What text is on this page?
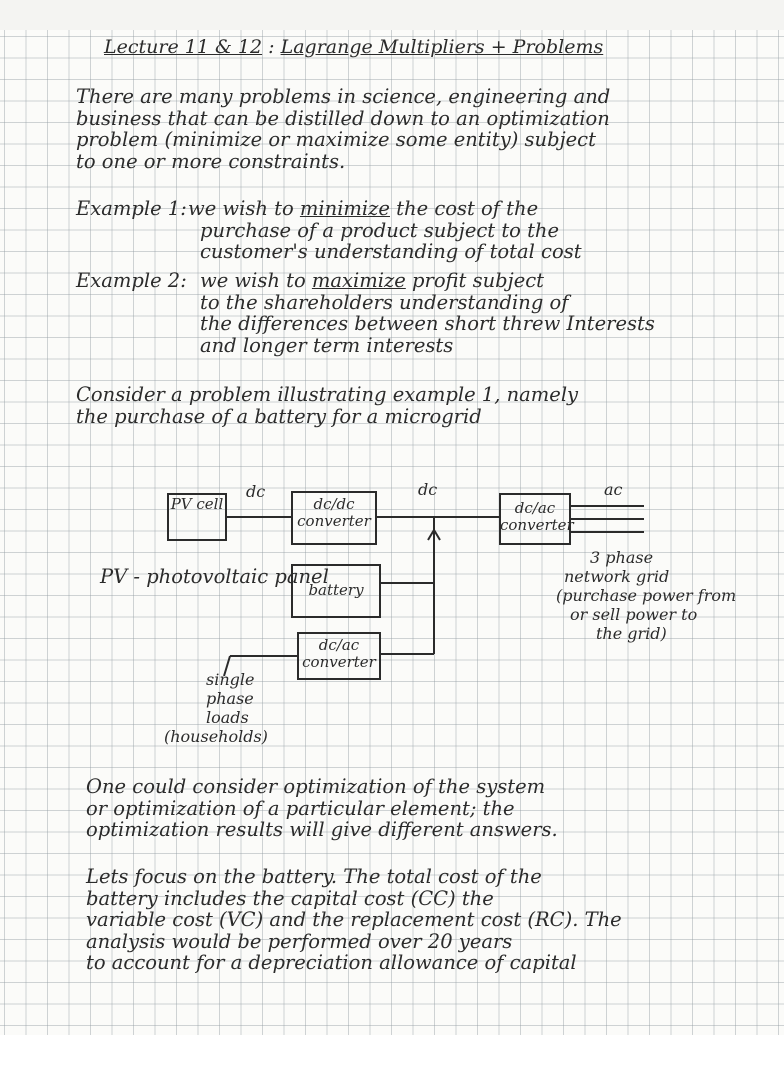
Lecture 11 & 12 : Lagrange Multipliers + Problems
There are many problems in science, engineering and
business that can be distilled down to an optimization
problem (minimize or maximize some entity) subject
to one or more constraints.
Example 1: we wish to minimize the cost of the
purchase of a product subject to the
customer's understanding of total cost
Example 2: we wish to maximize profit subject
to the shareholders understanding of
the differences between short threw Interests
and longer term interests
Consider a problem illustrating example 1, namely
the purchase of a battery for a microgrid
PV cell	dc/dc converter
dc/ac converter
battery
dc/ac converter
dc	dc	ac
PV - photovoltaic panel
3 phase
network grid
(purchase power from
or sell power to
the grid)
single
phase
loads
(households)
One could consider optimization of the system
or optimization of a particular element; the
optimization results will give different answers.
Lets focus on the battery. The total cost of the
battery includes the capital cost (CC) the
variable cost (VC) and the replacement cost (RC). The
analysis would be performed over 20 years
to account for a depreciation allowance of capital
